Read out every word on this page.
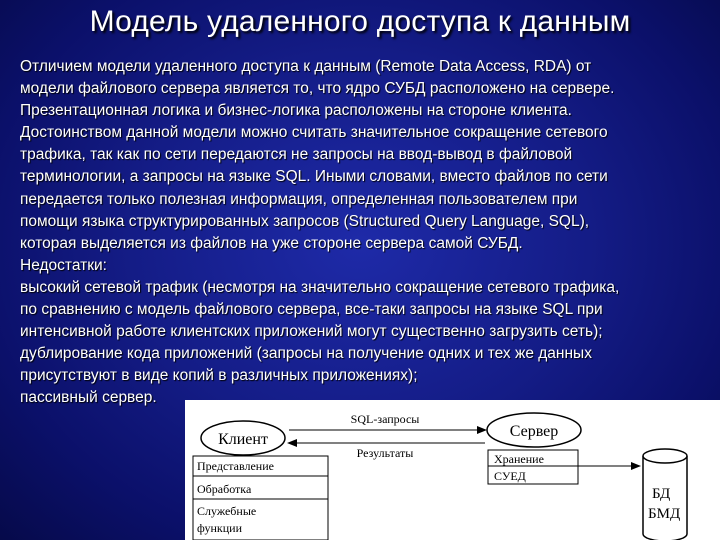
Модель удаленного доступа к данным
Отличием модели удаленного доступа к данным (Remote Data Access, RDA) от
модели файлового сервера является то, что ядро СУБД расположено на сервере.
Презентационная логика и бизнес-логика расположены на стороне клиента.
Достоинством данной модели можно считать значительное сокращение сетевого
трафика, так как по сети передаются не запросы на ввод-вывод в файловой
терминологии, а запросы на языке SQL. Иными словами, вместо файлов по сети
передается только полезная информация, определенная пользователем при
помощи языка структурированных запросов (Structured Query Language, SQL),
которая выделяется из файлов на уже стороне сервера самой СУБД.
Недостатки:
высокий сетевой трафик (несмотря на значительно сокращение сетевого трафика,
по сравнению с модель файлового сервера, все-таки запросы на языке SQL при
интенсивной работе клиентских приложений могут существенно загрузить сеть);
дублирование кода приложений (запросы на получение одних и тех же данных
присутствуют в виде копий в различных приложениях);
пассивный сервер.
Клиент	Сервер
SQL-запросы
Результаты
Представление
Обработка
Служебные
функции
Хранение
СУЕД
БД
БМД
